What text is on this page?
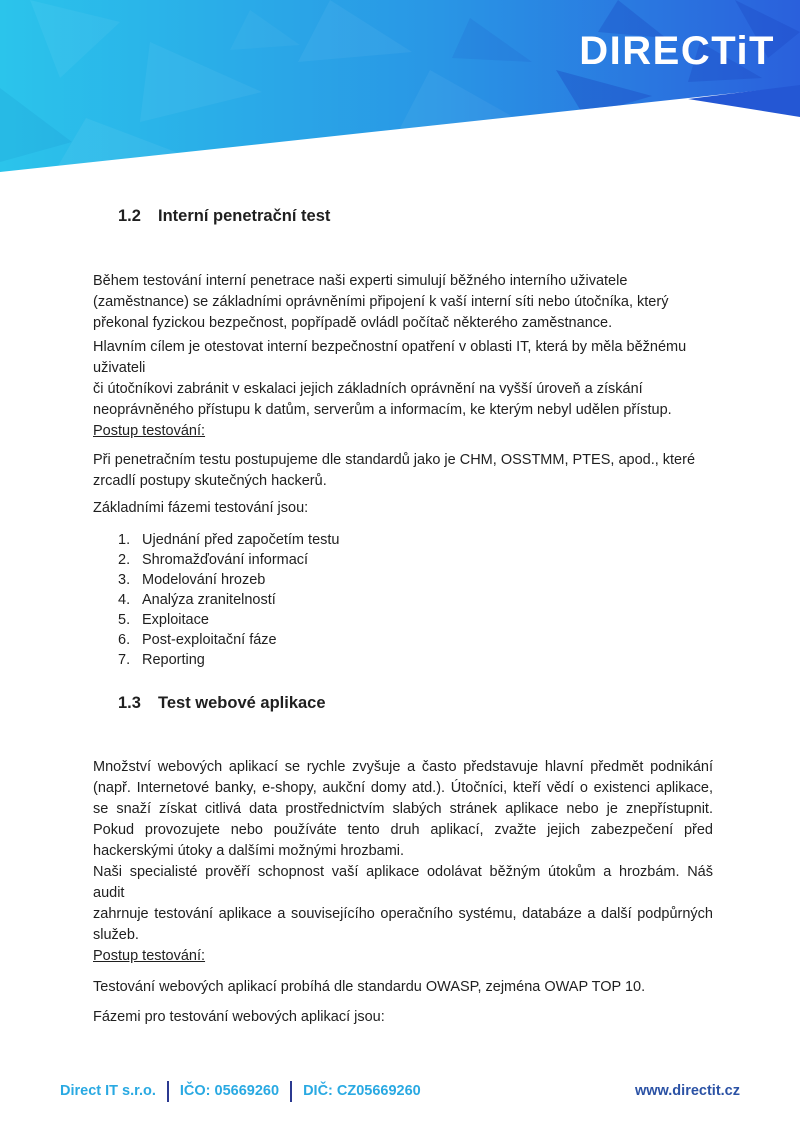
DIRECTiT
1.2	Interní penetrační test
Během testování interní penetrace naši experti simulují běžného interního uživatele
(zaměstnance) se základními oprávněními připojení k vaší interní síti nebo útočníka, který
překonal fyzickou bezpečnost, popřípadě ovládl počítač některého zaměstnance.
Hlavním cílem je otestovat interní bezpečnostní opatření v oblasti IT, která by měla běžnému
uživateli
či útočníkovi zabránit v eskalaci jejich základních oprávnění na vyšší úroveň a získání
neoprávněného přístupu k datům, serverům a informacím, ke kterým nebyl udělen přístup.
Postup testování:
Při penetračním testu postupujeme dle standardů jako je CHM, OSSTMM, PTES, apod., které
zrcadlí postupy skutečných hackerů.
Základními fázemi testování jsou:
1. Ujednání před započetím testu
2. Shromažďování informací
3. Modelování hrozeb
4. Analýza zranitelností
5. Exploitace
6. Post-exploitační fáze
7. Reporting
1.3	Test webové aplikace
Množství webových aplikací se rychle zvyšuje a často představuje hlavní předmět podnikání
(např. Internetové banky, e-shopy, aukční domy atd.). Útočníci, kteří vědí o existenci aplikace,
se snaží získat citlivá data prostřednictvím slabých stránek aplikace nebo je znepřístupnit.
Pokud provozujete nebo používáte tento druh aplikací, zvažte jejich zabezpečení před
hackerskými útoky a dalšími možnými hrozbami.
Naši specialisté prověří schopnost vaší aplikace odolávat běžným útokům a hrozbám. Náš
audit
zahrnuje testování aplikace a souvisejícího operačního systému, databáze a další podpůrných
služeb.
Postup testování:
Testování webových aplikací probíhá dle standardu OWASP, zejména OWAP TOP 10.
Fázemi pro testování webových aplikací jsou:
Direct IT s.r.o. IČO: 05669260 DIČ: CZ05669260	www.directit.cz
